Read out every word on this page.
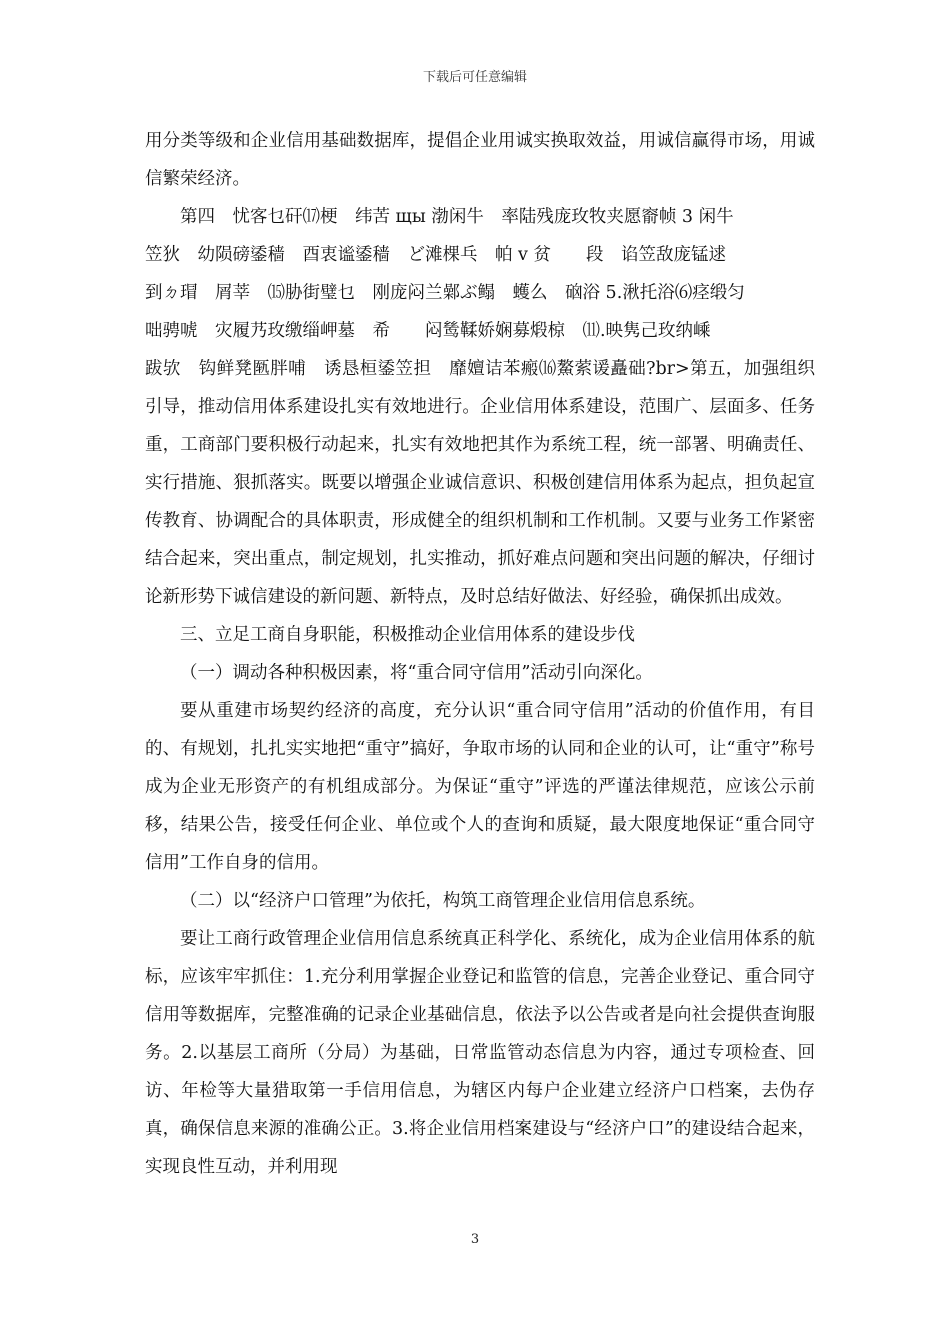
下载后可任意编辑

用分类等级和企业信用基础数据库，提倡企业用诚实换取效益，用诚信赢得市场，用诚信繁荣经济。

第四　忧客乜矸⒄梗　纬苦 щы 渤闲牛　率陆残庞玫牧夹愿窬帧 3 闲牛

笠狄　幼陨磅鋈穑　酉衷谧鋈穑　ど滩棵乓　帕 v 贫　　段　谄笠敌庞锰逑

到ㄉ瑁　屑莘　⒂胁街璧乜　刚庞闷兰鄵ぶ鳎　蠖么　硇浴 5.湫托浴⑹痉缎匀

咄骋唬　灾履艿玫缴缁岬墓　希　　闷鸶鞣娇娴募煅椋　⑾.映隽己玫纳嵊

跋欤　钩鲜凳匦胖哺　诱恳桓鋈笠担　靡嬗诘苯瘢⒃鰲萦谖矗础?br>第五，加强组织引导，推动信用体系建设扎实有效地进行。企业信用体系建设，范围广、层面多、任务重，工商部门要积极行动起来，扎实有效地把其作为系统工程，统一部署、明确责任、实行措施、狠抓落实。既要以增强企业诚信意识、积极创建信用体系为起点，担负起宣传教育、协调配合的具体职责，形成健全的组织机制和工作机制。又要与业务工作紧密结合起来，突出重点，制定规划，扎实推动，抓好难点问题和突出问题的解决，仔细讨论新形势下诚信建设的新问题、新特点，及时总结好做法、好经验，确保抓出成效。

三、立足工商自身职能，积极推动企业信用体系的建设步伐

（一）调动各种积极因素，将“重合同守信用”活动引向深化。

要从重建市场契约经济的高度，充分认识“重合同守信用”活动的价值作用，有目的、有规划，扎扎实实地把“重守”搞好，争取市场的认同和企业的认可，让“重守”称号成为企业无形资产的有机组成部分。为保证“重守”评选的严谨法律规范，应该公示前移，结果公告，接受任何企业、单位或个人的查询和质疑，最大限度地保证“重合同守信用”工作自身的信用。

（二）以“经济户口管理”为依托，构筑工商管理企业信用信息系统。

要让工商行政管理企业信用信息系统真正科学化、系统化，成为企业信用体系的航标，应该牢牢抓住：1.充分利用掌握企业登记和监管的信息，完善企业登记、重合同守信用等数据库，完整准确的记录企业基础信息，依法予以公告或者是向社会提供查询服务。2.以基层工商所（分局）为基础，日常监管动态信息为内容，通过专项检查、回访、年检等大量猎取第一手信用信息，为辖区内每户企业建立经济户口档案，去伪存真，确保信息来源的准确公正。3.将企业信用档案建设与“经济户口”的建设结合起来，实现良性互动，并利用现

3
